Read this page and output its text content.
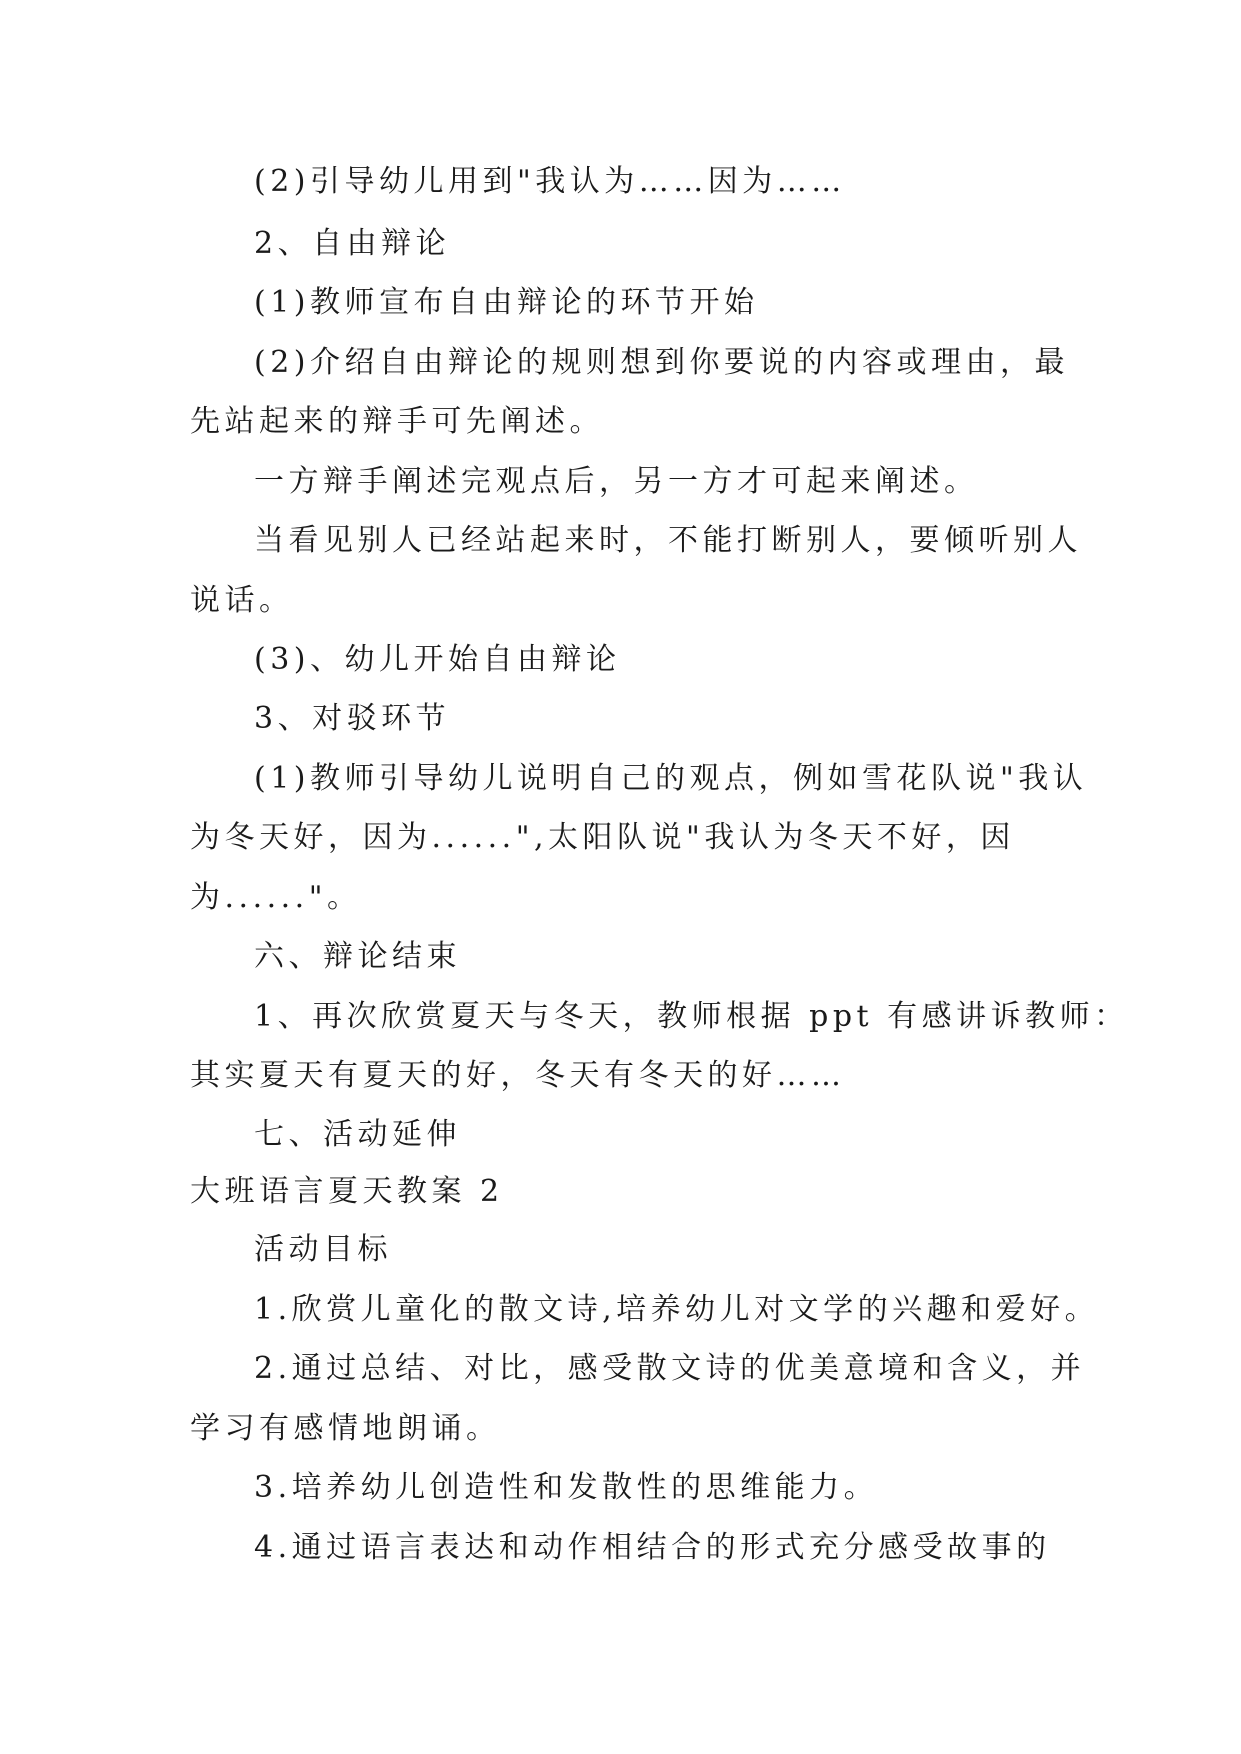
(2)引导幼儿用到"我认为……因为……
2、自由辩论
(1)教师宣布自由辩论的环节开始
(2)介绍自由辩论的规则想到你要说的内容或理由，最
先站起来的辩手可先阐述。
一方辩手阐述完观点后，另一方才可起来阐述。
当看见别人已经站起来时，不能打断别人，要倾听别人
说话。
(3)、幼儿开始自由辩论
3、对驳环节
(1)教师引导幼儿说明自己的观点，例如雪花队说"我认
为冬天好，因为......",太阳队说"我认为冬天不好，因
为......"。
六、辩论结束
1、再次欣赏夏天与冬天，教师根据 ppt 有感讲诉教师：
其实夏天有夏天的好，冬天有冬天的好……
七、活动延伸
大班语言夏天教案 2
活动目标
1.欣赏儿童化的散文诗,培养幼儿对文学的兴趣和爱好。
2.通过总结、对比，感受散文诗的优美意境和含义，并
学习有感情地朗诵。
3.培养幼儿创造性和发散性的思维能力。
4.通过语言表达和动作相结合的形式充分感受故事的
